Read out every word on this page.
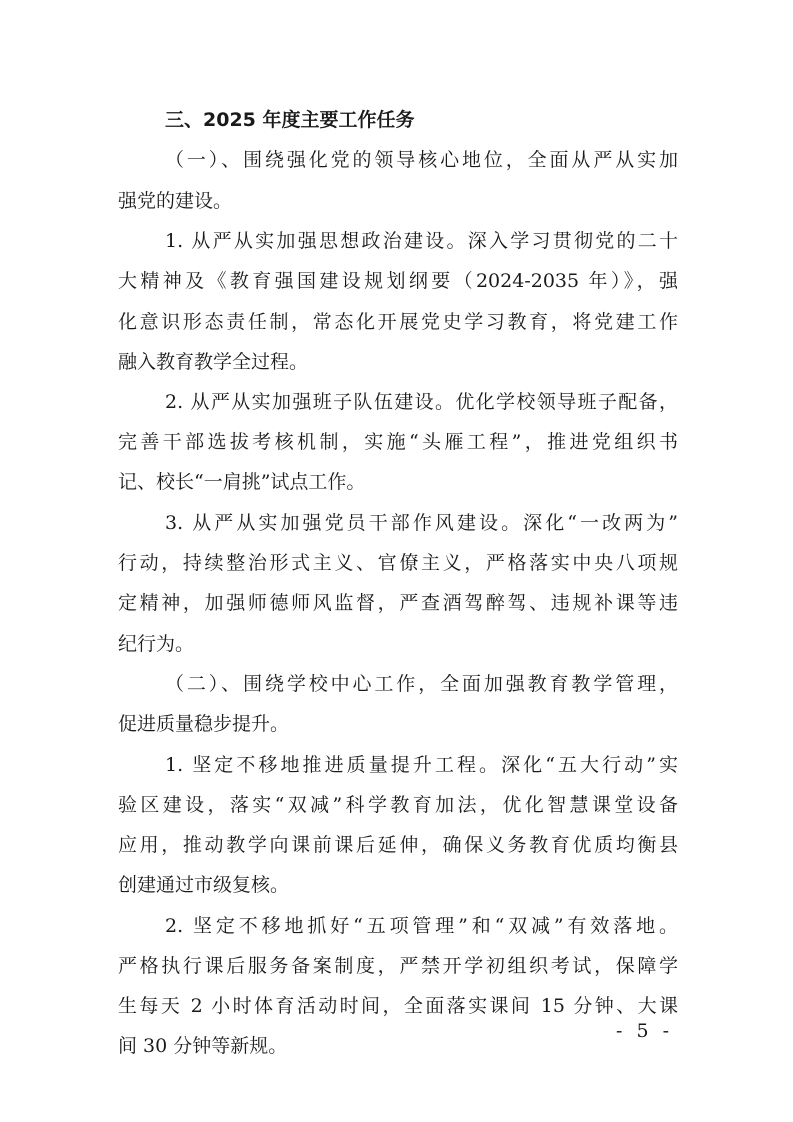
三、2025 年度主要工作任务
（一）、围绕强化党的领导核心地位，全面从严从实加
强党的建设。
1. 从严从实加强思想政治建设。深入学习贯彻党的二十
大精神及《教育强国建设规划纲要（2024-2035 年）》，强
化意识形态责任制，常态化开展党史学习教育，将党建工作
融入教育教学全过程。
2. 从严从实加强班子队伍建设。优化学校领导班子配备，
完善干部选拔考核机制，实施“头雁工程”，推进党组织书
记、校长“一肩挑”试点工作。
3. 从严从实加强党员干部作风建设。深化“一改两为”
行动，持续整治形式主义、官僚主义，严格落实中央八项规
定精神，加强师德师风监督，严查酒驾醉驾、违规补课等违
纪行为。
（二）、围绕学校中心工作，全面加强教育教学管理，
促进质量稳步提升。
1. 坚定不移地推进质量提升工程。深化“五大行动”实
验区建设，落实“双减”科学教育加法，优化智慧课堂设备
应用，推动教学向课前课后延伸，确保义务教育优质均衡县
创建通过市级复核。
2. 坚定不移地抓好“五项管理”和“双减”有效落地。
严格执行课后服务备案制度，严禁开学初组织考试，保障学
生每天 2 小时体育活动时间，全面落实课间 15 分钟、大课
间 30 分钟等新规。
- 5 -
